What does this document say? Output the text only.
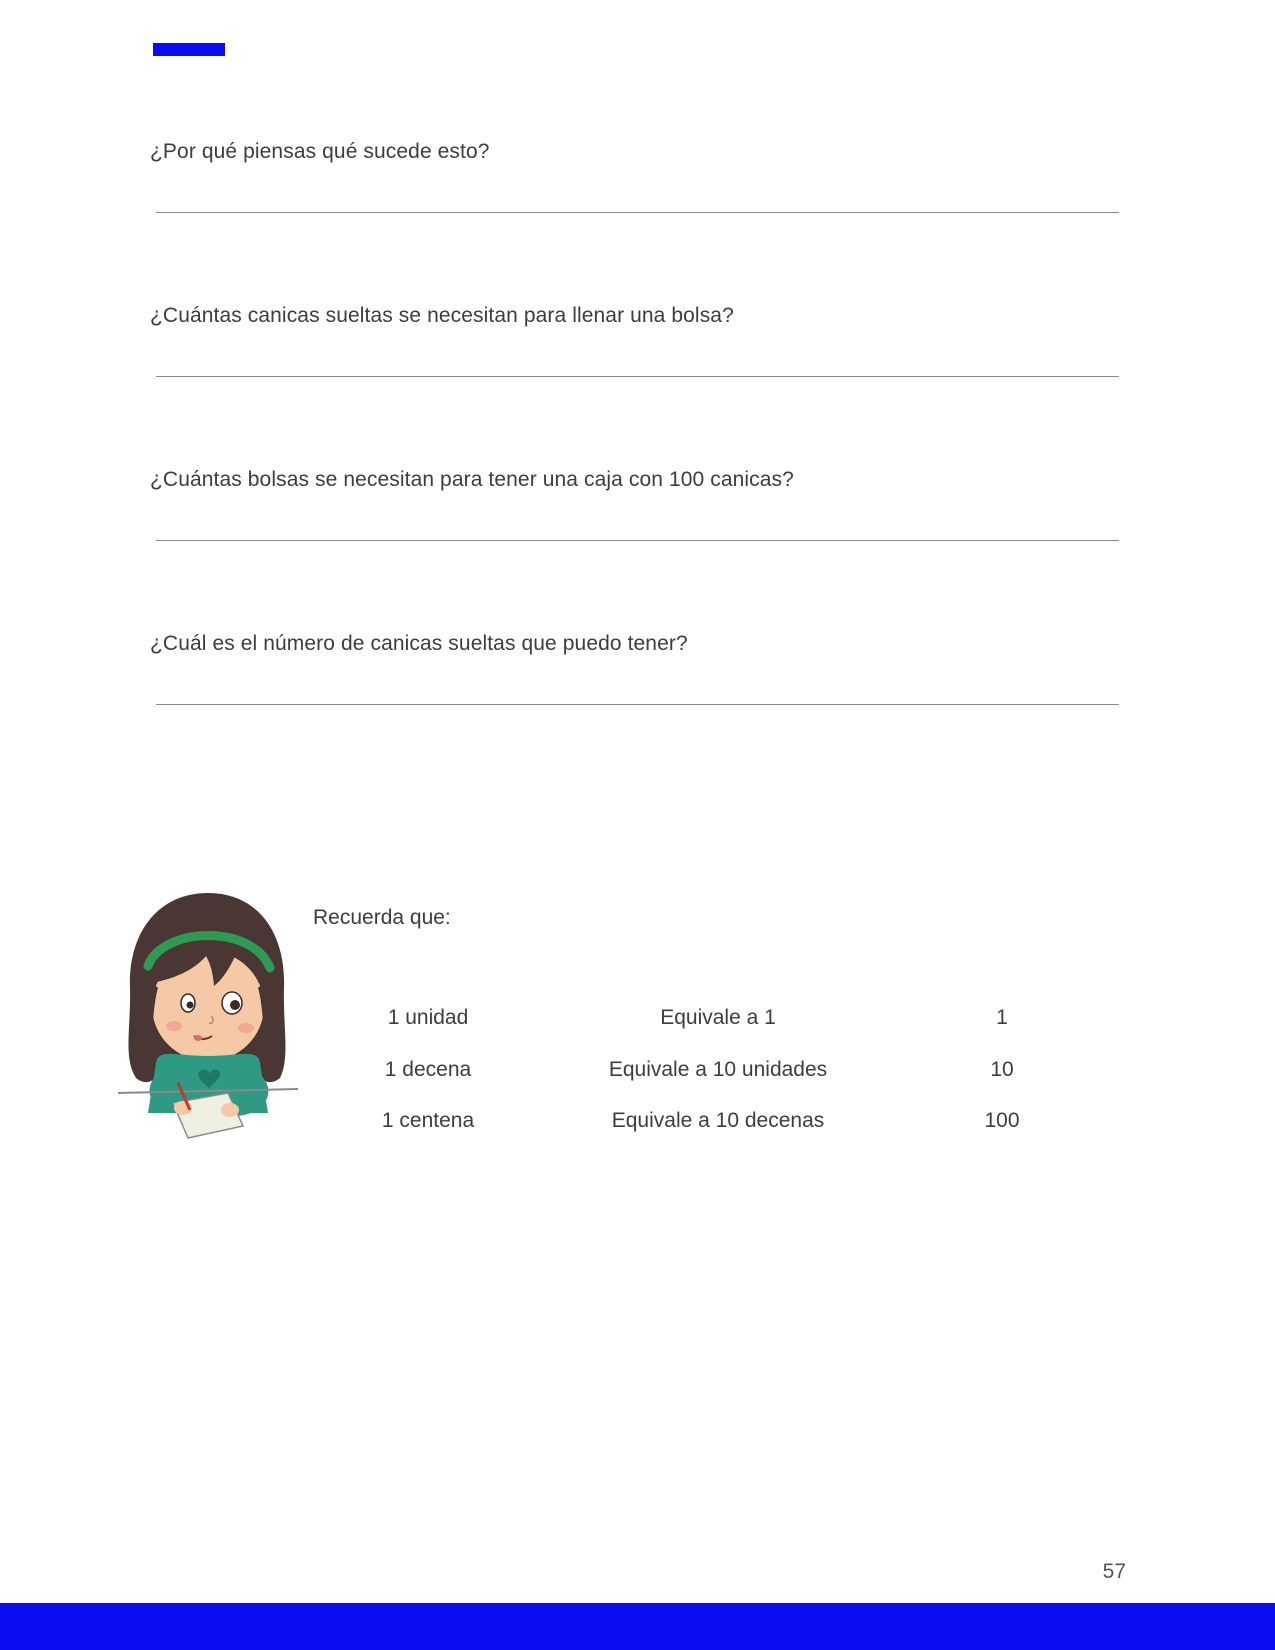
¿Por qué piensas qué sucede esto?
¿Cuántas canicas sueltas se necesitan para llenar una bolsa?
¿Cuántas bolsas se necesitan para tener una caja con 100 canicas?
¿Cuál es el número de canicas sueltas que puedo tener?
Recuerda que:
1 unidad	Equivale a 1	1
1 decena	Equivale a 10 unidades	10
1 centena	Equivale a 10 decenas	100
57
